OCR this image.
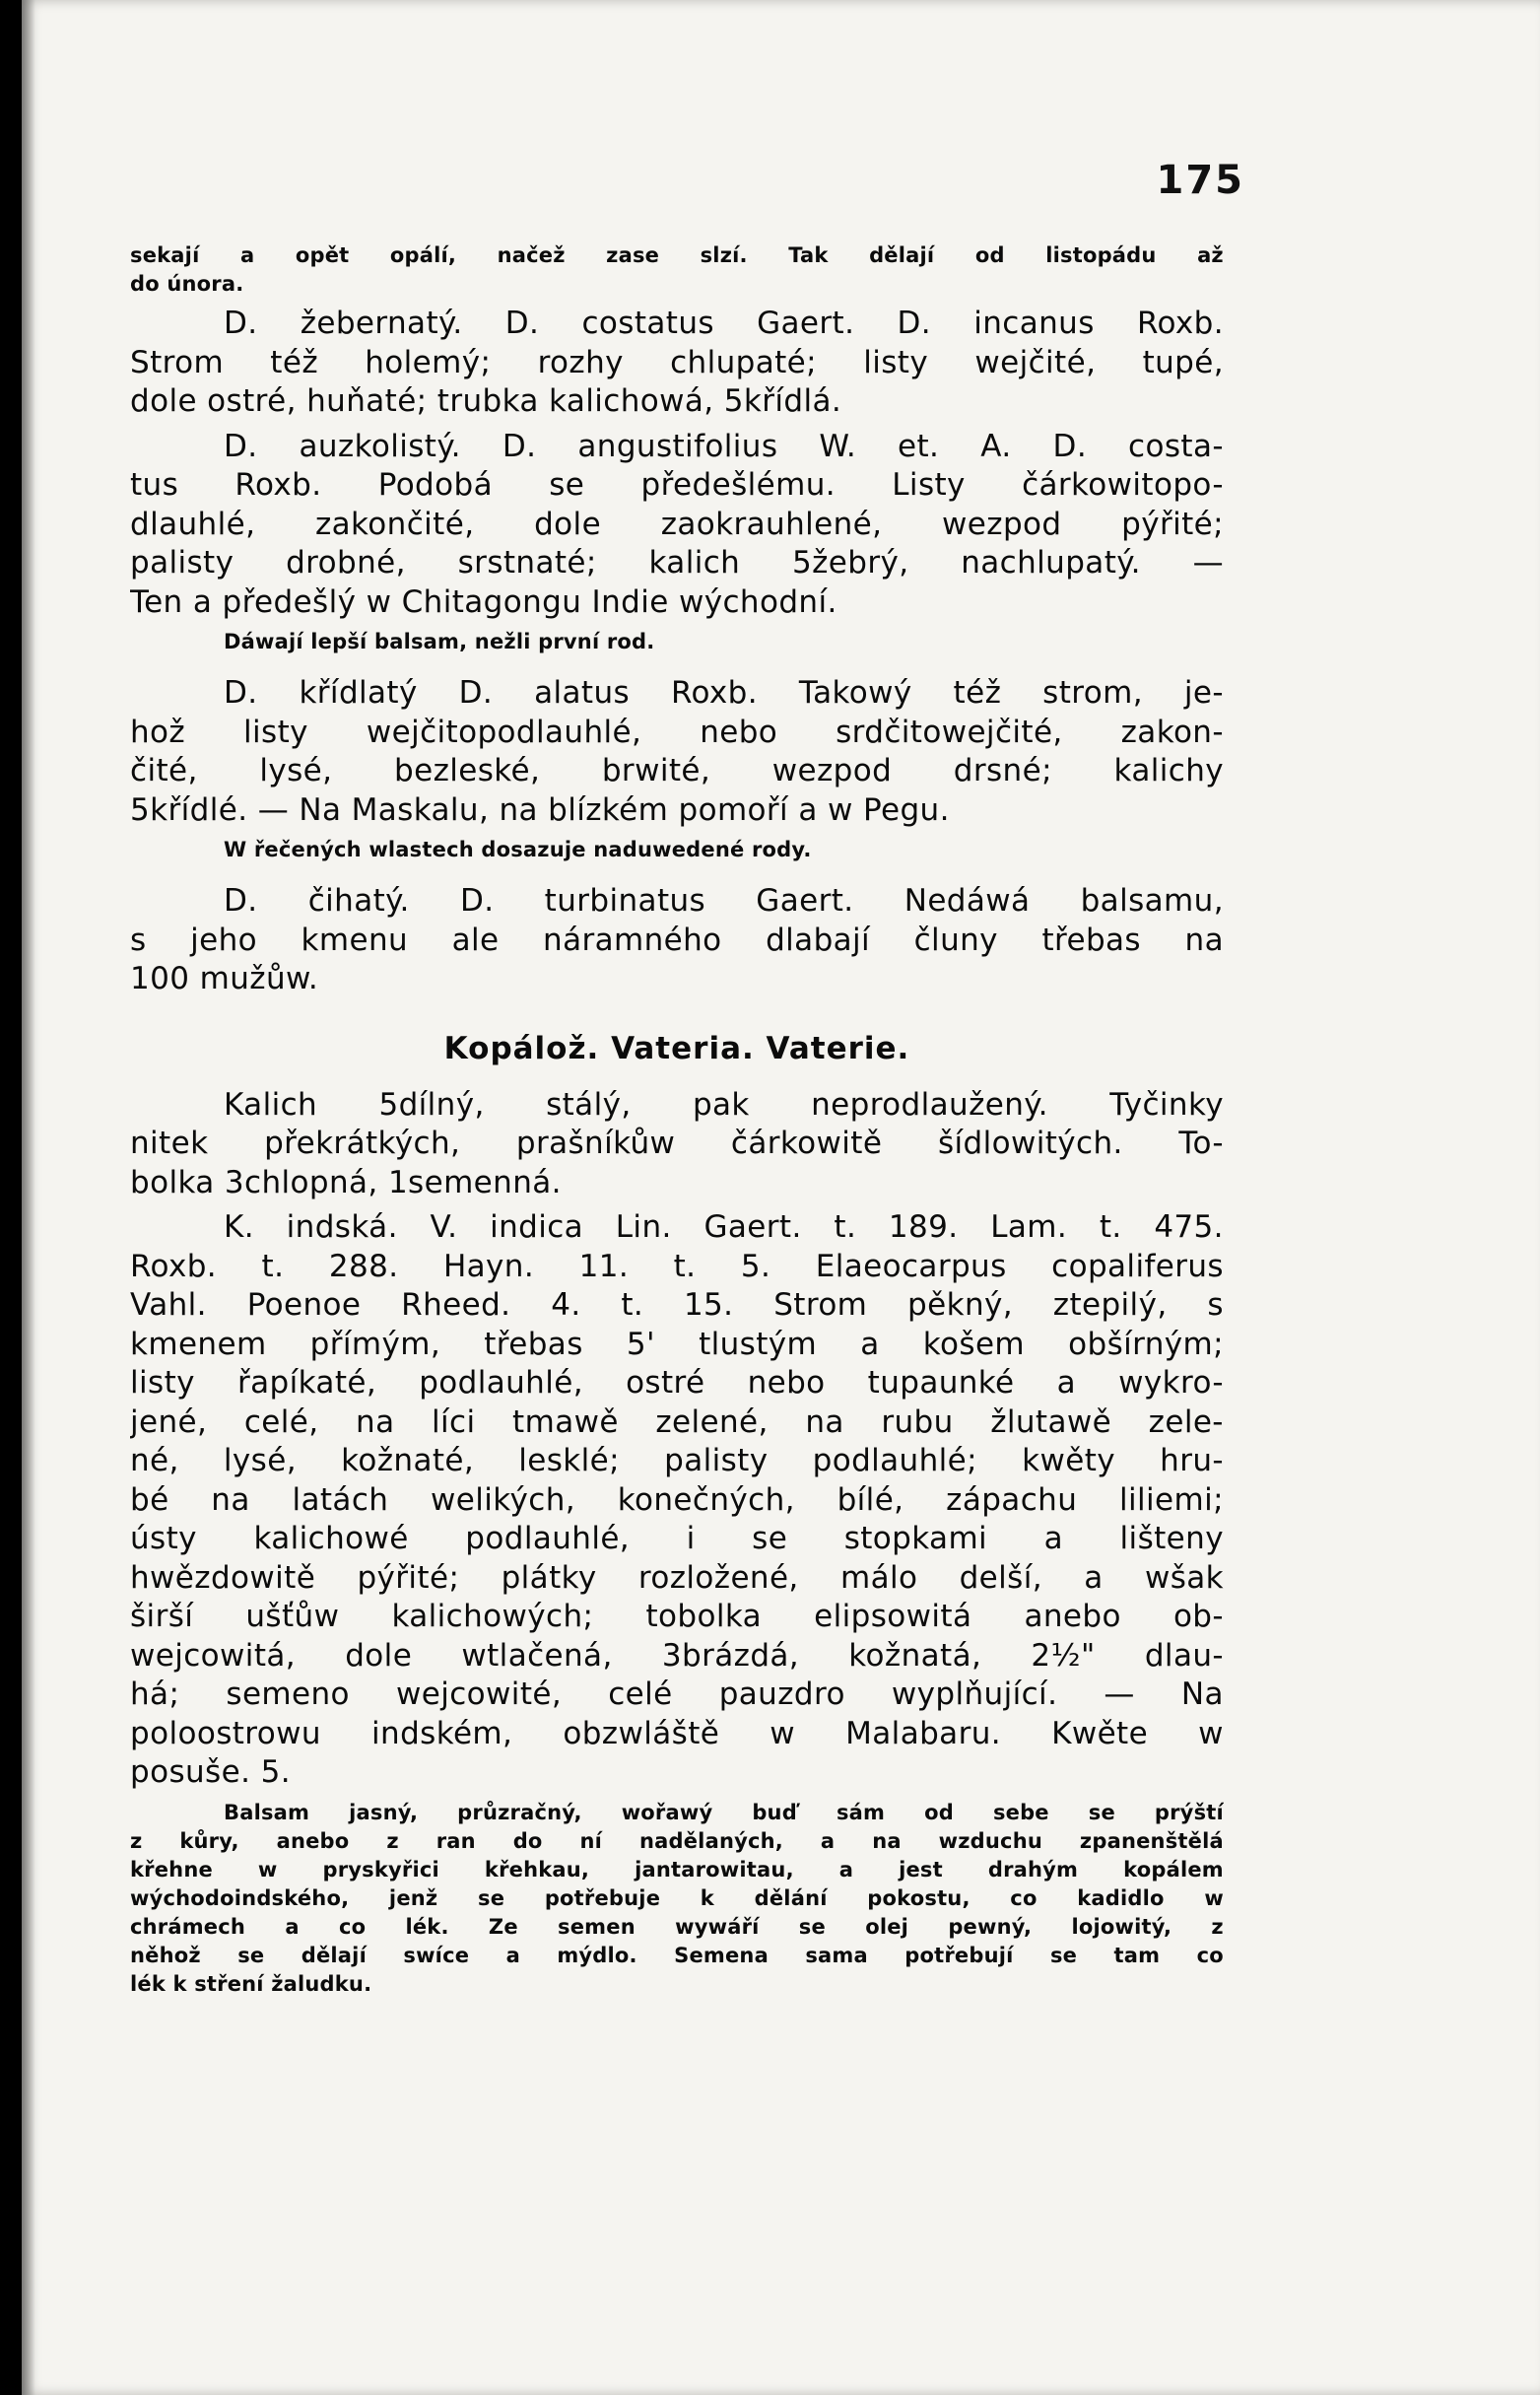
175
sekají a opět opálí, načež zase slzí. Tak dělají od listopádu až
do února.
D. žebernatý. D. costatus Gaert. D. incanus Roxb.
Strom též holemý; rozhy chlupaté; listy wejčité, tupé,
dole ostré, huňaté; trubka kalichowá, 5křídlá.
D. auzkolistý. D. angustifolius W. et. A. D. costa-
tus Roxb. Podobá se předešlému. Listy čárkowitopo-
dlauhlé, zakončité, dole zaokrauhlené, wezpod pýřité;
palisty drobné, srstnaté; kalich 5žebrý, nachlupatý. —
Ten a předešlý w Chitagongu Indie wýchodní.
Dáwají lepší balsam, nežli první rod.
D. křídlatý D. alatus Roxb. Takowý též strom, je-
hož listy wejčitopodlauhlé, nebo srdčitowejčité, zakon-
čité, lysé, bezleské, brwité, wezpod drsné; kalichy
5křídlé. — Na Maskalu, na blízkém pomoří a w Pegu.
W řečených wlastech dosazuje naduwedené rody.
D. čihatý. D. turbinatus Gaert. Nedáwá balsamu,
s jeho kmenu ale náramného dlabají čluny třebas na
100 mužůw.
Kopálož. Vateria. Vaterie.
Kalich 5dílný, stálý, pak neprodlaužený. Tyčinky
nitek překrátkých, prašníkůw čárkowitě šídlowitých. To-
bolka 3chlopná, 1semenná.
K. indská. V. indica Lin. Gaert. t. 189. Lam. t. 475.
Roxb. t. 288. Hayn. 11. t. 5. Elaeocarpus copaliferus
Vahl. Poenoe Rheed. 4. t. 15. Strom pěkný, ztepilý, s
kmenem přímým, třebas 5' tlustým a košem obšírným;
listy řapíkaté, podlauhlé, ostré nebo tupaunké a wykro-
jené, celé, na líci tmawě zelené, na rubu žlutawě zele-
né, lysé, kožnaté, lesklé; palisty podlauhlé; kwěty hru-
bé na latách welikých, konečných, bílé, zápachu liliemi;
ústy kalichowé podlauhlé, i se stopkami a lišteny
hwězdowitě pýřité; plátky rozložené, málo delší, a wšak
širší ušťůw kalichowých; tobolka elipsowitá anebo ob-
wejcowitá, dole wtlačená, 3brázdá, kožnatá, 2½" dlau-
há; semeno wejcowité, celé pauzdro wyplňující. — Na
poloostrowu indském, obzwláště w Malabaru. Kwěte w
posuše. 5.
Balsam jasný, průzračný, wořawý buď sám od sebe se prýští
z kůry, anebo z ran do ní nadělaných, a na wzduchu zpanenštělá
křehne w pryskyřici křehkau, jantarowitau, a jest drahým kopálem
wýchodoindského, jenž se potřebuje k dělání pokostu, co kadidlo w
chrámech a co lék. Ze semen wywáří se olej pewný, lojowitý, z
něhož se dělají swíce a mýdlo. Semena sama potřebují se tam co
lék k stření žaludku.
